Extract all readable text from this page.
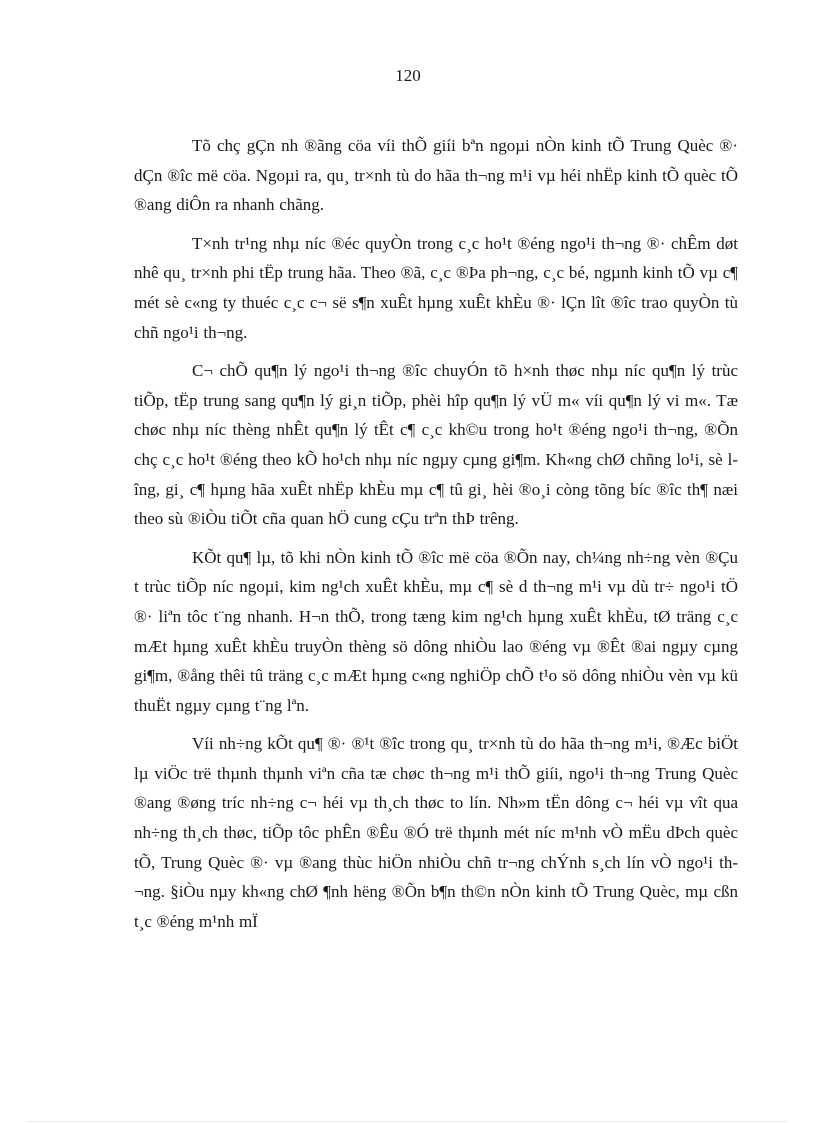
120

Tõ chç gÇn nh ®ãng cöa víi thÕ giíi bªn ngoµi nÒn kinh tÕ Trung Quèc ®· dÇn ®îc më cöa. Ngoµi ra, qu¸ tr×nh tù do hãa th¬ng m¹i vµ héi nhËp kinh tÕ quèc tÕ ®ang diÔn ra nhanh chãng.

T×nh tr¹ng nhµ níc ®éc quyÒn trong c¸c ho¹t ®éng ngo¹i th¬ng ®· chÊm døt nhê qu¸ tr×nh phi tËp trung hãa. Theo ®ã, c¸c ®Þa ph¬ng, c¸c bé, ngµnh kinh tÕ vµ c¶ mét sè c«ng ty thuéc c¸c c¬ së s¶n xuÊt hµng xuÊt khÈu ®· lÇn lît ®îc trao quyÒn tù chñ ngo¹i th¬ng.

C¬ chÕ qu¶n lý ngo¹i th¬ng ®îc chuyÓn tõ h×nh thøc nhµ níc qu¶n lý trùc tiÕp, tËp trung sang qu¶n lý gi¸n tiÕp, phèi hîp qu¶n lý vÜ m« víi qu¶n lý vi m«. Tæ chøc nhµ níc thèng nhÊt qu¶n lý tÊt c¶ c¸c kh©u trong ho¹t ®éng ngo¹i th¬ng, ®Õn chç c¸c ho¹t ®éng theo kÕ ho¹ch nhµ níc ngµy cµng gi¶m. Kh«ng chØ chñng lo¹i, sè lîng, gi¸ c¶ hµng hãa xuÊt nhËp khÈu mµ c¶ tû gi¸ hèi ®o¸i còng tõng bíc ®îc th¶ næi theo sù ®iÒu tiÕt cña quan hÖ cung cÇu trªn thÞ trêng.

KÕt qu¶ lµ, tõ khi nÒn kinh tÕ ®îc më cöa ®Õn nay, ch¼ng nh÷ng vèn ®Çu t trùc tiÕp níc ngoµi, kim ng¹ch xuÊt khÈu, mµ c¶ sè d th¬ng m¹i vµ dù tr÷ ngo¹i tÖ ®· liªn tôc t¨ng nhanh. H¬n thÕ, trong tæng kim ng¹ch hµng xuÊt khÈu, tØ träng c¸c mÆt hµng xuÊt khÈu truyÒn thèng sö dông nhiÒu lao ®éng vµ ®Êt ®ai ngµy cµng gi¶m, ®ång thêi tû träng c¸c mÆt hµng c«ng nghiÖp chÕ t¹o sö dông nhiÒu vèn vµ kü thuËt ngµy cµng t¨ng lªn.

Víi nh÷ng kÕt qu¶ ®· ®¹t ®îc trong qu¸ tr×nh tù do hãa th¬ng m¹i, ®Æc biÖt lµ viÖc trë thµnh thµnh viªn cña tæ chøc th¬ng m¹i thÕ giíi, ngo¹i th¬ng Trung Quèc ®ang ®øng tríc nh÷ng c¬ héi vµ th¸ch thøc to lín. Nh»m tËn dông c¬ héi vµ vît qua nh÷ng th¸ch thøc, tiÕp tôc phÊn ®Êu ®Ó trë thµnh mét níc m¹nh vÒ mËu dÞch quèc tÕ, Trung Quèc ®· vµ ®ang thùc hiÖn nhiÒu chñ tr¬ng chÝnh s¸ch lín vÒ ngo¹i th¬ng. §iÒu nµy kh«ng chØ ¶nh hëng ®Õn b¶n th©n nÒn kinh tÕ Trung Quèc, mµ cßn t¸c ®éng m¹nh mÏ
